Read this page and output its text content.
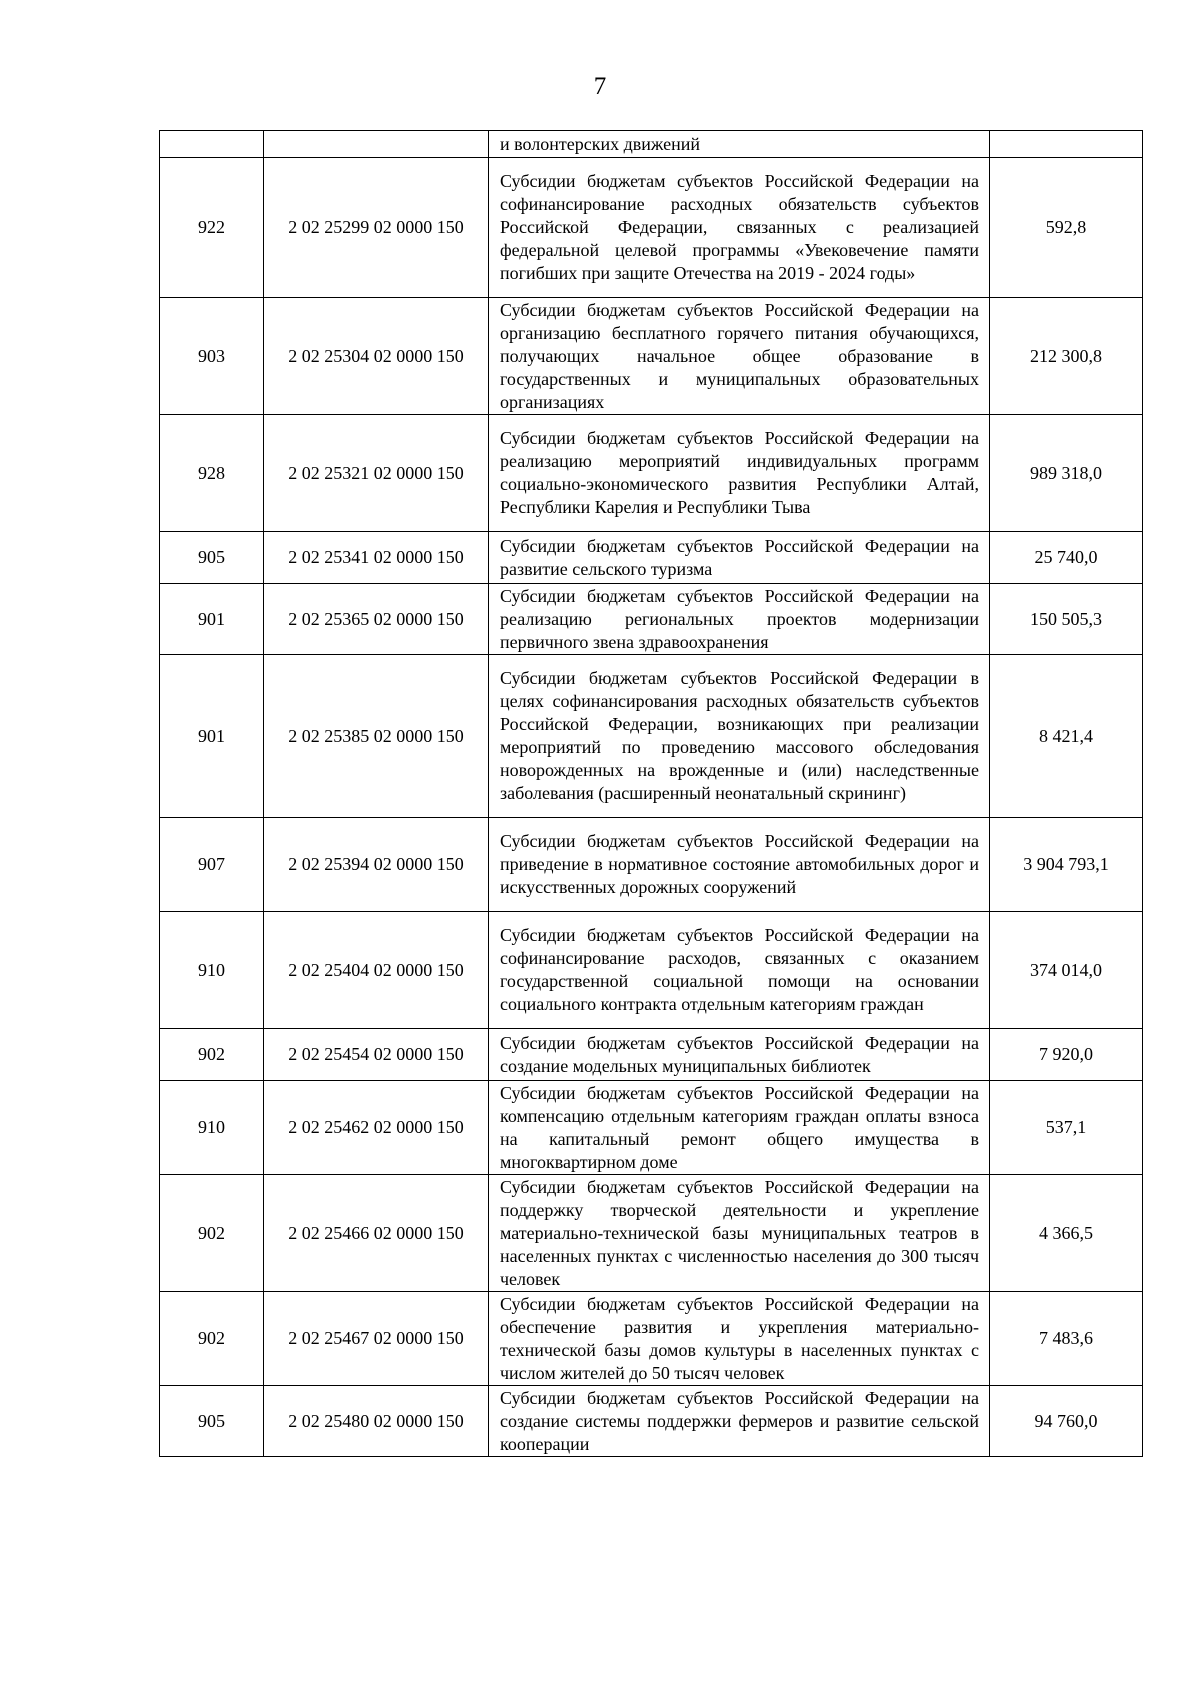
7
		и волонтерских движений	
922	2 02 25299 02 0000 150	Субсидии бюджетам субъектов Российской Федерации на софинансирование расходных обязательств субъектов Российской Федерации, связанных с реализацией федеральной целевой программы «Увековечение памяти погибших при защите Отечества на 2019 - 2024 годы»	592,8
903	2 02 25304 02 0000 150	Субсидии бюджетам субъектов Российской Федерации на организацию бесплатного горячего питания обучающихся, получающих начальное общее образование в государственных и муниципальных образовательных организациях	212 300,8
928	2 02 25321 02 0000 150	Субсидии бюджетам субъектов Российской Федерации на реализацию мероприятий индивидуальных программ социально-экономического развития Республики Алтай, Республики Карелия и Республики Тыва	989 318,0
905	2 02 25341 02 0000 150	Субсидии бюджетам субъектов Российской Федерации на развитие сельского туризма	25 740,0
901	2 02 25365 02 0000 150	Субсидии бюджетам субъектов Российской Федерации на реализацию региональных проектов модернизации первичного звена здравоохранения	150 505,3
901	2 02 25385 02 0000 150	Субсидии бюджетам субъектов Российской Федерации в целях софинансирования расходных обязательств субъектов Российской Федерации, возникающих при реализации мероприятий по проведению массового обследования новорожденных на врожденные и (или) наследственные заболевания (расширенный неонатальный скрининг)	8 421,4
907	2 02 25394 02 0000 150	Субсидии бюджетам субъектов Российской Федерации на приведение в нормативное состояние автомобильных дорог и искусственных дорожных сооружений	3 904 793,1
910	2 02 25404 02 0000 150	Субсидии бюджетам субъектов Российской Федерации на софинансирование расходов, связанных с оказанием государственной социальной помощи на основании социального контракта отдельным категориям граждан	374 014,0
902	2 02 25454 02 0000 150	Субсидии бюджетам субъектов Российской Федерации на создание модельных муниципальных библиотек	7 920,0
910	2 02 25462 02 0000 150	Субсидии бюджетам субъектов Российской Федерации на компенсацию отдельным категориям граждан оплаты взноса на капитальный ремонт общего имущества в многоквартирном доме	537,1
902	2 02 25466 02 0000 150	Субсидии бюджетам субъектов Российской Федерации на поддержку творческой деятельности и укрепление материально-технической базы муниципальных театров в населенных пунктах с численностью населения до 300 тысяч человек	4 366,5
902	2 02 25467 02 0000 150	Субсидии бюджетам субъектов Российской Федерации на обеспечение развития и укрепления материально-технической базы домов культуры в населенных пунктах с числом жителей до 50 тысяч человек	7 483,6
905	2 02 25480 02 0000 150	Субсидии бюджетам субъектов Российской Федерации на создание системы поддержки фермеров и развитие сельской кооперации	94 760,0
